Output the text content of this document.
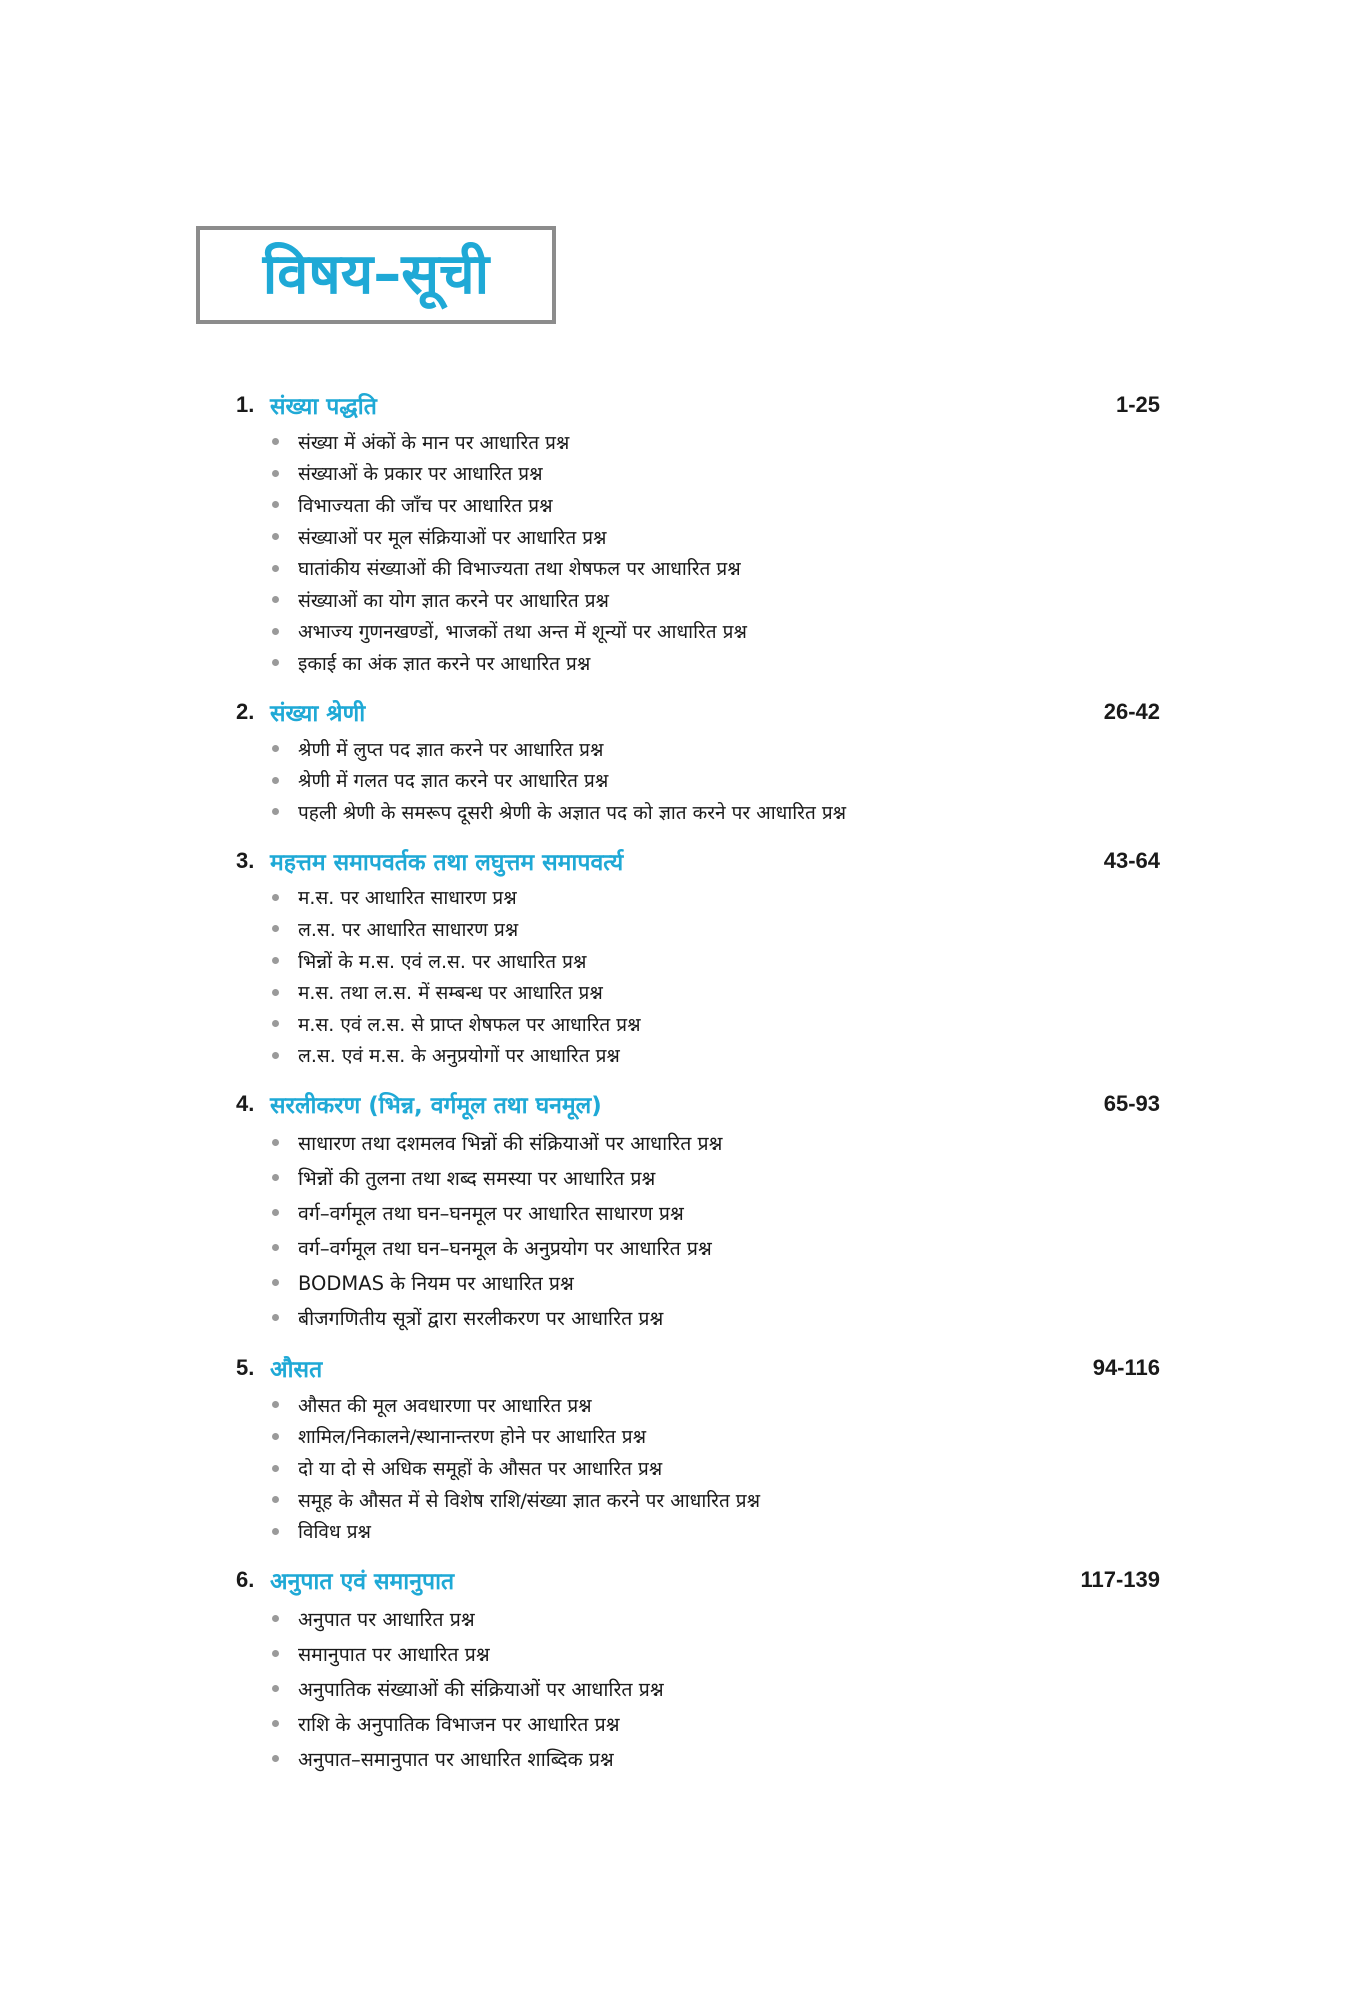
विषय–सूची
1. संख्या पद्धति	1-25
संख्या में अंकों के मान पर आधारित प्रश्न
संख्याओं के प्रकार पर आधारित प्रश्न
विभाज्यता की जाँच पर आधारित प्रश्न
संख्याओं पर मूल संक्रियाओं पर आधारित प्रश्न
घातांकीय संख्याओं की विभाज्यता तथा शेषफल पर आधारित प्रश्न
संख्याओं का योग ज्ञात करने पर आधारित प्रश्न
अभाज्य गुणनखण्डों, भाजकों तथा अन्त में शून्यों पर आधारित प्रश्न
इकाई का अंक ज्ञात करने पर आधारित प्रश्न
2. संख्या श्रेणी	26-42
श्रेणी में लुप्त पद ज्ञात करने पर आधारित प्रश्न
श्रेणी में गलत पद ज्ञात करने पर आधारित प्रश्न
पहली श्रेणी के समरूप दूसरी श्रेणी के अज्ञात पद को ज्ञात करने पर आधारित प्रश्न
3. महत्तम समापवर्तक तथा लघुत्तम समापवर्त्य	43-64
म.स. पर आधारित साधारण प्रश्न
ल.स. पर आधारित साधारण प्रश्न
भिन्नों के म.स. एवं ल.स. पर आधारित प्रश्न
म.स. तथा ल.स. में सम्बन्ध पर आधारित प्रश्न
म.स. एवं ल.स. से प्राप्त शेषफल पर आधारित प्रश्न
ल.स. एवं म.स. के अनुप्रयोगों पर आधारित प्रश्न
4. सरलीकरण (भिन्न, वर्गमूल तथा घनमूल)	65-93
साधारण तथा दशमलव भिन्नों की संक्रियाओं पर आधारित प्रश्न
भिन्नों की तुलना तथा शब्द समस्या पर आधारित प्रश्न
वर्ग–वर्गमूल तथा घन–घनमूल पर आधारित साधारण प्रश्न
वर्ग–वर्गमूल तथा घन–घनमूल के अनुप्रयोग पर आधारित प्रश्न
BODMAS के नियम पर आधारित प्रश्न
बीजगणितीय सूत्रों द्वारा सरलीकरण पर आधारित प्रश्न
5. औसत	94-116
औसत की मूल अवधारणा पर आधारित प्रश्न
शामिल/निकालने/स्थानान्तरण होने पर आधारित प्रश्न
दो या दो से अधिक समूहों के औसत पर आधारित प्रश्न
समूह के औसत में से विशेष राशि/संख्या ज्ञात करने पर आधारित प्रश्न
विविध प्रश्न
6. अनुपात एवं समानुपात	117-139
अनुपात पर आधारित प्रश्न
समानुपात पर आधारित प्रश्न
अनुपातिक संख्याओं की संक्रियाओं पर आधारित प्रश्न
राशि के अनुपातिक विभाजन पर आधारित प्रश्न
अनुपात–समानुपात पर आधारित शाब्दिक प्रश्न
